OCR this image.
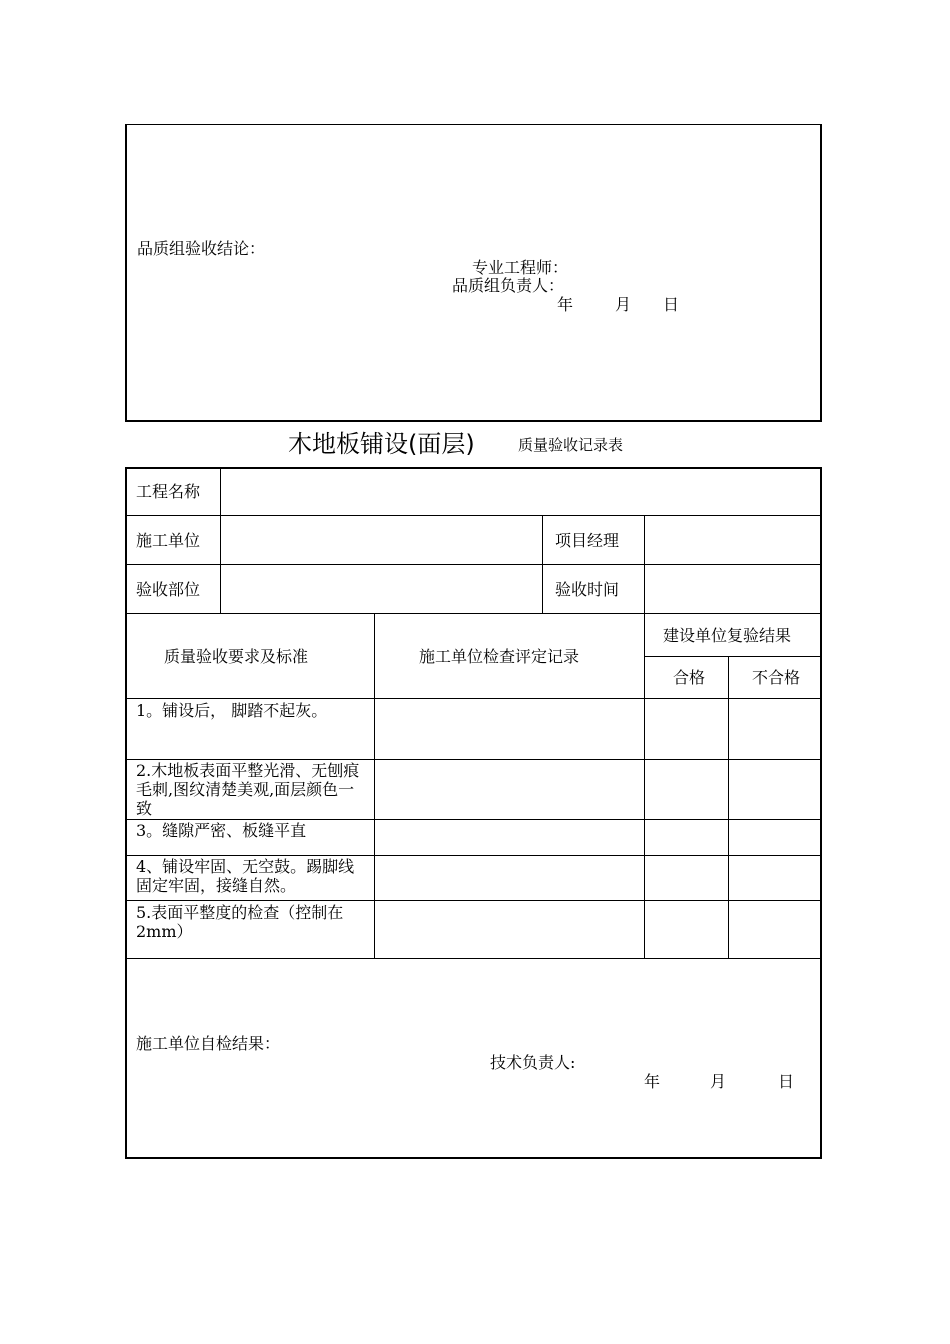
品质组验收结论：
专业工程师：
品质组负责人：
年	月 日
木地板铺设(面层)	质量验收记录表
工程名称
施工单位	项目经理
验收部位	验收时间
质量验收要求及标准	施工单位检查评定记录
建设单位复验结果
合格	不合格
1。铺设后， 脚踏不起灰。
2.木地板表面平整光滑、无刨痕毛刺,图纹清楚美观,面层颜色一致
3。缝隙严密、板缝平直
4、铺设牢固、无空鼓。踢脚线固定牢固，接缝自然。
5.表面平整度的检查（控制在2mm）
施工单位自检结果：
技术负责人:
年	月	日
